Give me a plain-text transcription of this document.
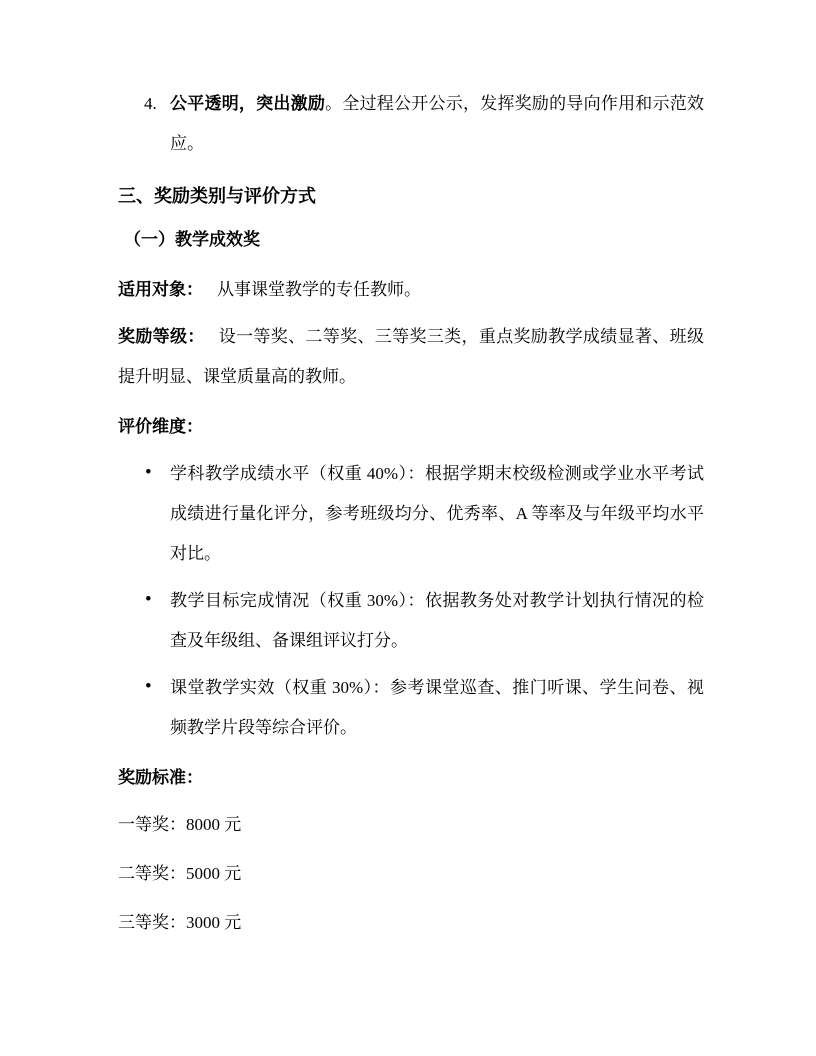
4. 公平透明，突出激励。全过程公开公示，发挥奖励的导向作用和示范效应。
三、奖励类别与评价方式
（一）教学成效奖

适用对象： 从事课堂教学的专任教师。

奖励等级： 设一等奖、二等奖、三等奖三类，重点奖励教学成绩显著、班级提升明显、课堂质量高的教师。

评价维度：

• 学科教学成绩水平（权重 40%）：根据学期末校级检测或学业水平考试成绩进行量化评分，参考班级均分、优秀率、A 等率及与年级平均水平对比。
• 教学目标完成情况（权重 30%）：依据教务处对教学计划执行情况的检查及年级组、备课组评议打分。
• 课堂教学实效（权重 30%）：参考课堂巡查、推门听课、学生问卷、视频教学片段等综合评价。

奖励标准：

一等奖：8000 元

二等奖：5000 元

三等奖：3000 元
